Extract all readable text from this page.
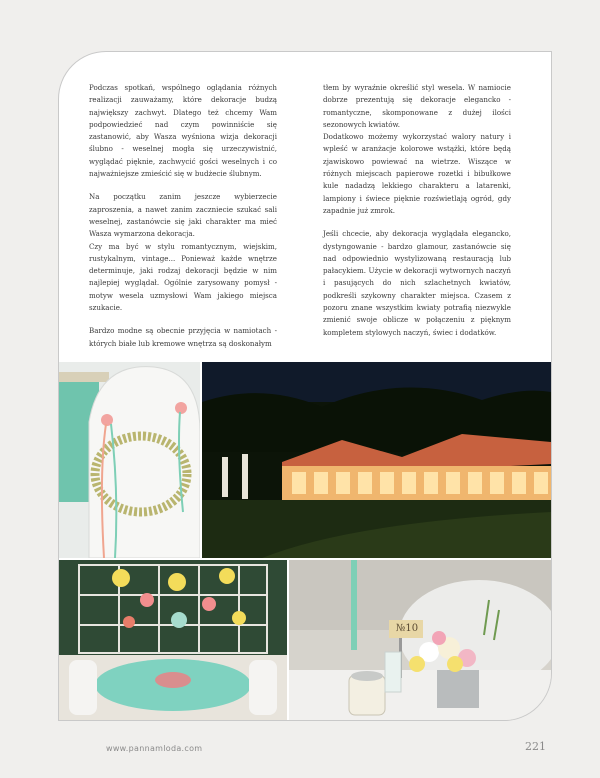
Podczas spotkań, wspólnego oglądania różnych realizacji zauważamy, które dekoracje budzą największy zachwyt. Dlatego też chcemy Wam podpowiedzieć nad czym powinniście się zastanowić, aby Wasza wyśniona wizja dekoracji ślubno - weselnej mogła się urzeczywistnić, wyglądać pięknie, zachwycić gości weselnych i co najważniejsze zmieścić się w budżecie ślubnym.

Na początku zanim jeszcze wybierzecie zaproszenia, a nawet zanim zaczniecie szukać sali weselnej, zastanówcie się jaki charakter ma mieć Wasza wymarzona dekoracja.

Czy ma być w stylu romantycznym, wiejskim, rustykalnym, vintage... Ponieważ każde wnętrze determinuje, jaki rodzaj dekoracji będzie w nim najlepiej wyglądał. Ogólnie zarysowany pomysł - motyw wesela uzmysłowi Wam jakiego miejsca szukacie.

Bardzo modne są obecnie przyjęcia w namiotach - których białe lub kremowe wnętrza są doskonałym

tłem by wyraźnie określić styl wesela. W namiocie dobrze prezentują się dekoracje elegancko - romantyczne, skomponowane z dużej ilości sezonowych kwiatów.

Dodatkowo możemy wykorzystać walory natury i wpleść w aranżacje kolorowe wstążki, które będą zjawiskowo powiewać na wietrze. Wiszące w różnych miejscach papierowe rozetki i bibułkowe kule nadadzą lekkiego charakteru a latarenki, lampiony i świece pięknie rozświetlają ogród, gdy zapadnie już zmrok.

Jeśli chcecie, aby dekoracja wyglądała elegancko, dystyngowanie - bardzo glamour, zastanówcie się nad odpowiednio wystylizowaną restauracją lub pałacykiem. Użycie w dekoracji wytwornych naczyń i pasujących do nich szlachetnych kwiatów, podkreśli szykowny charakter miejsca. Czasem z pozoru znane wszystkim kwiaty potrafią niezwykle zmienić swoje oblicze w połączeniu z pięknym kompletem stylowych naczyń, świec i dodatków.

№10
www.pannamloda.com	221
